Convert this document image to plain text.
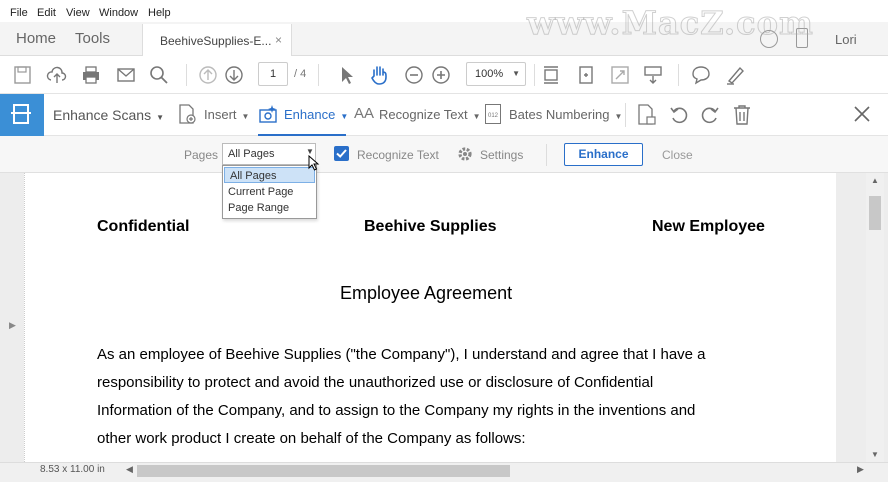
File Edit View Window Help
Home Tools	BeehiveSupplies-E... ×	Lori
www.MacZ.com
1	/ 4	100% ▼
Enhance Scans ▼	Insert ▼	Enhance ▼ AA Recognize Text ▼	012 Bates Numbering ▼
Pages	Recognize Text	Settings	Close
All Pages	▼	Enhance
All Pages
Current Page
Page Range
▶
Confidential	Beehive Supplies	New Employee
Employee Agreement
As an employee of Beehive Supplies ("the Company"), I understand and agree that I have a
responsibility to protect and avoid the unauthorized use or disclosure of Confidential
Information of the Company, and to assign to the Company my rights in the inventions and
other work product I create on behalf of the Company as follows:
▲
▼
8.53 x 11.00 in ◀	▶
